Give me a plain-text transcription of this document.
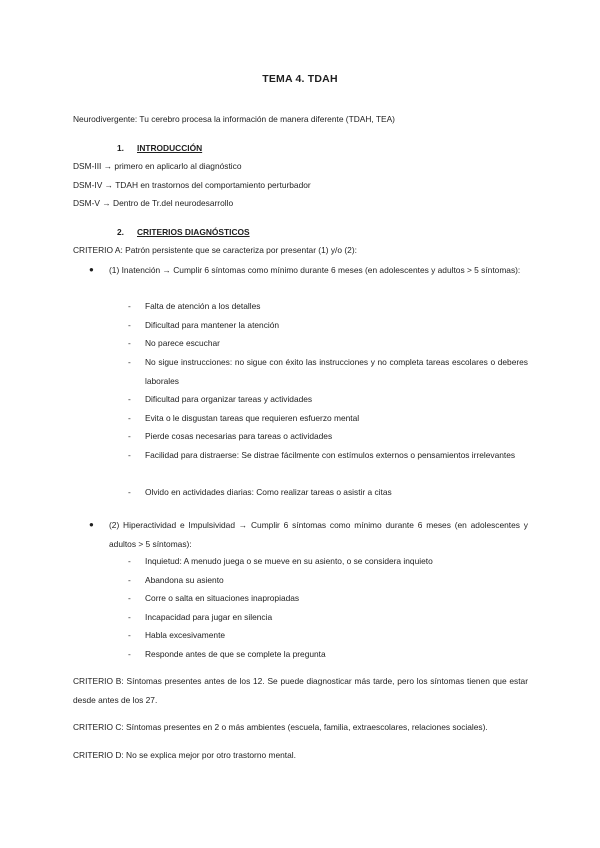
TEMA 4. TDAH
Neurodivergente: Tu cerebro procesa la información de manera diferente (TDAH, TEA)
1. INTRODUCCIÓN
DSM-III → primero en aplicarlo al diagnóstico
DSM-IV → TDAH en trastornos del comportamiento perturbador
DSM-V → Dentro de Tr.del neurodesarrollo
2. CRITERIOS DIAGNÓSTICOS
CRITERIO A: Patrón persistente que se caracteriza por presentar (1) y/o (2):
● (1) Inatención → Cumplir 6 síntomas como mínimo durante 6 meses (en adolescentes y adultos > 5 síntomas):
- Falta de atención a los detalles
- Dificultad para mantener la atención
- No parece escuchar
- No sigue instrucciones: no sigue con éxito las instrucciones y no completa tareas escolares o deberes laborales
- Dificultad para organizar tareas y actividades
- Evita o le disgustan tareas que requieren esfuerzo mental
- Pierde cosas necesarias para tareas o actividades
- Facilidad para distraerse: Se distrae fácilmente con estímulos externos o pensamientos irrelevantes
- Olvido en actividades diarias: Como realizar tareas o asistir a citas
● (2) Hiperactividad e Impulsividad → Cumplir 6 síntomas como mínimo durante 6 meses (en adolescentes y adultos > 5 síntomas):
- Inquietud: A menudo juega o se mueve en su asiento, o se considera inquieto
- Abandona su asiento
- Corre o salta en situaciones inapropiadas
- Incapacidad para jugar en silencia
- Habla excesivamente
- Responde antes de que se complete la pregunta
CRITERIO B: Síntomas presentes antes de los 12. Se puede diagnosticar más tarde, pero los síntomas tienen que estar desde antes de los 27.
CRITERIO C: Síntomas presentes en 2 o más ambientes (escuela, familia, extraescolares, relaciones sociales).
CRITERIO D: No se explica mejor por otro trastorno mental.
